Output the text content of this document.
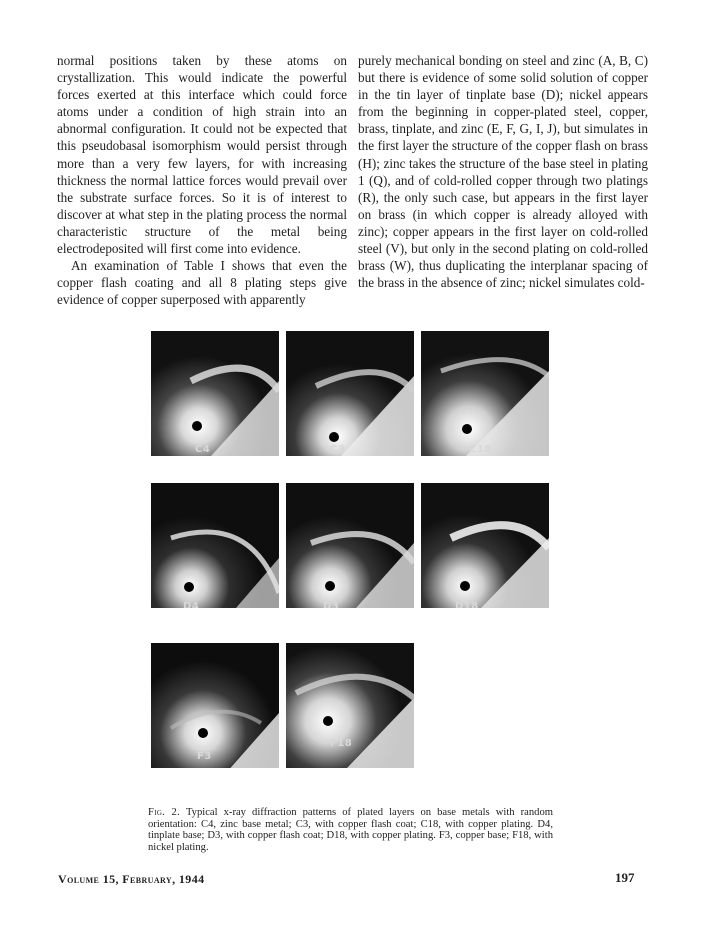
normal positions taken by these atoms on crystallization. This would indicate the powerful forces exerted at this interface which could force atoms under a condition of high strain into an abnormal configuration. It could not be expected that this pseudobasal isomorphism would persist through more than a very few layers, for with increasing thickness the normal lattice forces would prevail over the substrate surface forces. So it is of interest to discover at what step in the plating process the normal characteristic structure of the metal being electrodeposited will first come into evidence.

An examination of Table I shows that even the copper flash coating and all 8 plating steps give evidence of copper superposed with apparently

purely mechanical bonding on steel and zinc (A, B, C) but there is evidence of some solid solution of copper in the tin layer of tinplate base (D); nickel appears from the beginning in copper-plated steel, copper, brass, tinplate, and zinc (E, F, G, I, J), but simulates in the first layer the structure of the copper flash on brass (H); zinc takes the structure of the base steel in plating 1 (Q), and of cold-rolled copper through two platings (R), the only such case, but appears in the first layer on brass (in which copper is already alloyed with zinc); copper appears in the first layer on cold-rolled steel (V), but only in the second plating on cold-rolled brass (W), thus duplicating the interplanar spacing of the brass in the absence of zinc; nickel simulates cold-

C4	C3	C18
D4	D3	D18
F3
F18
Fig. 2. Typical x-ray diffraction patterns of plated layers on base metals with random orientation: C4, zinc base metal; C3, with copper flash coat; C18, with copper plating. D4, tinplate base; D3, with copper flash coat; D18, with copper plating. F3, copper base; F18, with nickel plating.
Volume 15, February, 1944	197
